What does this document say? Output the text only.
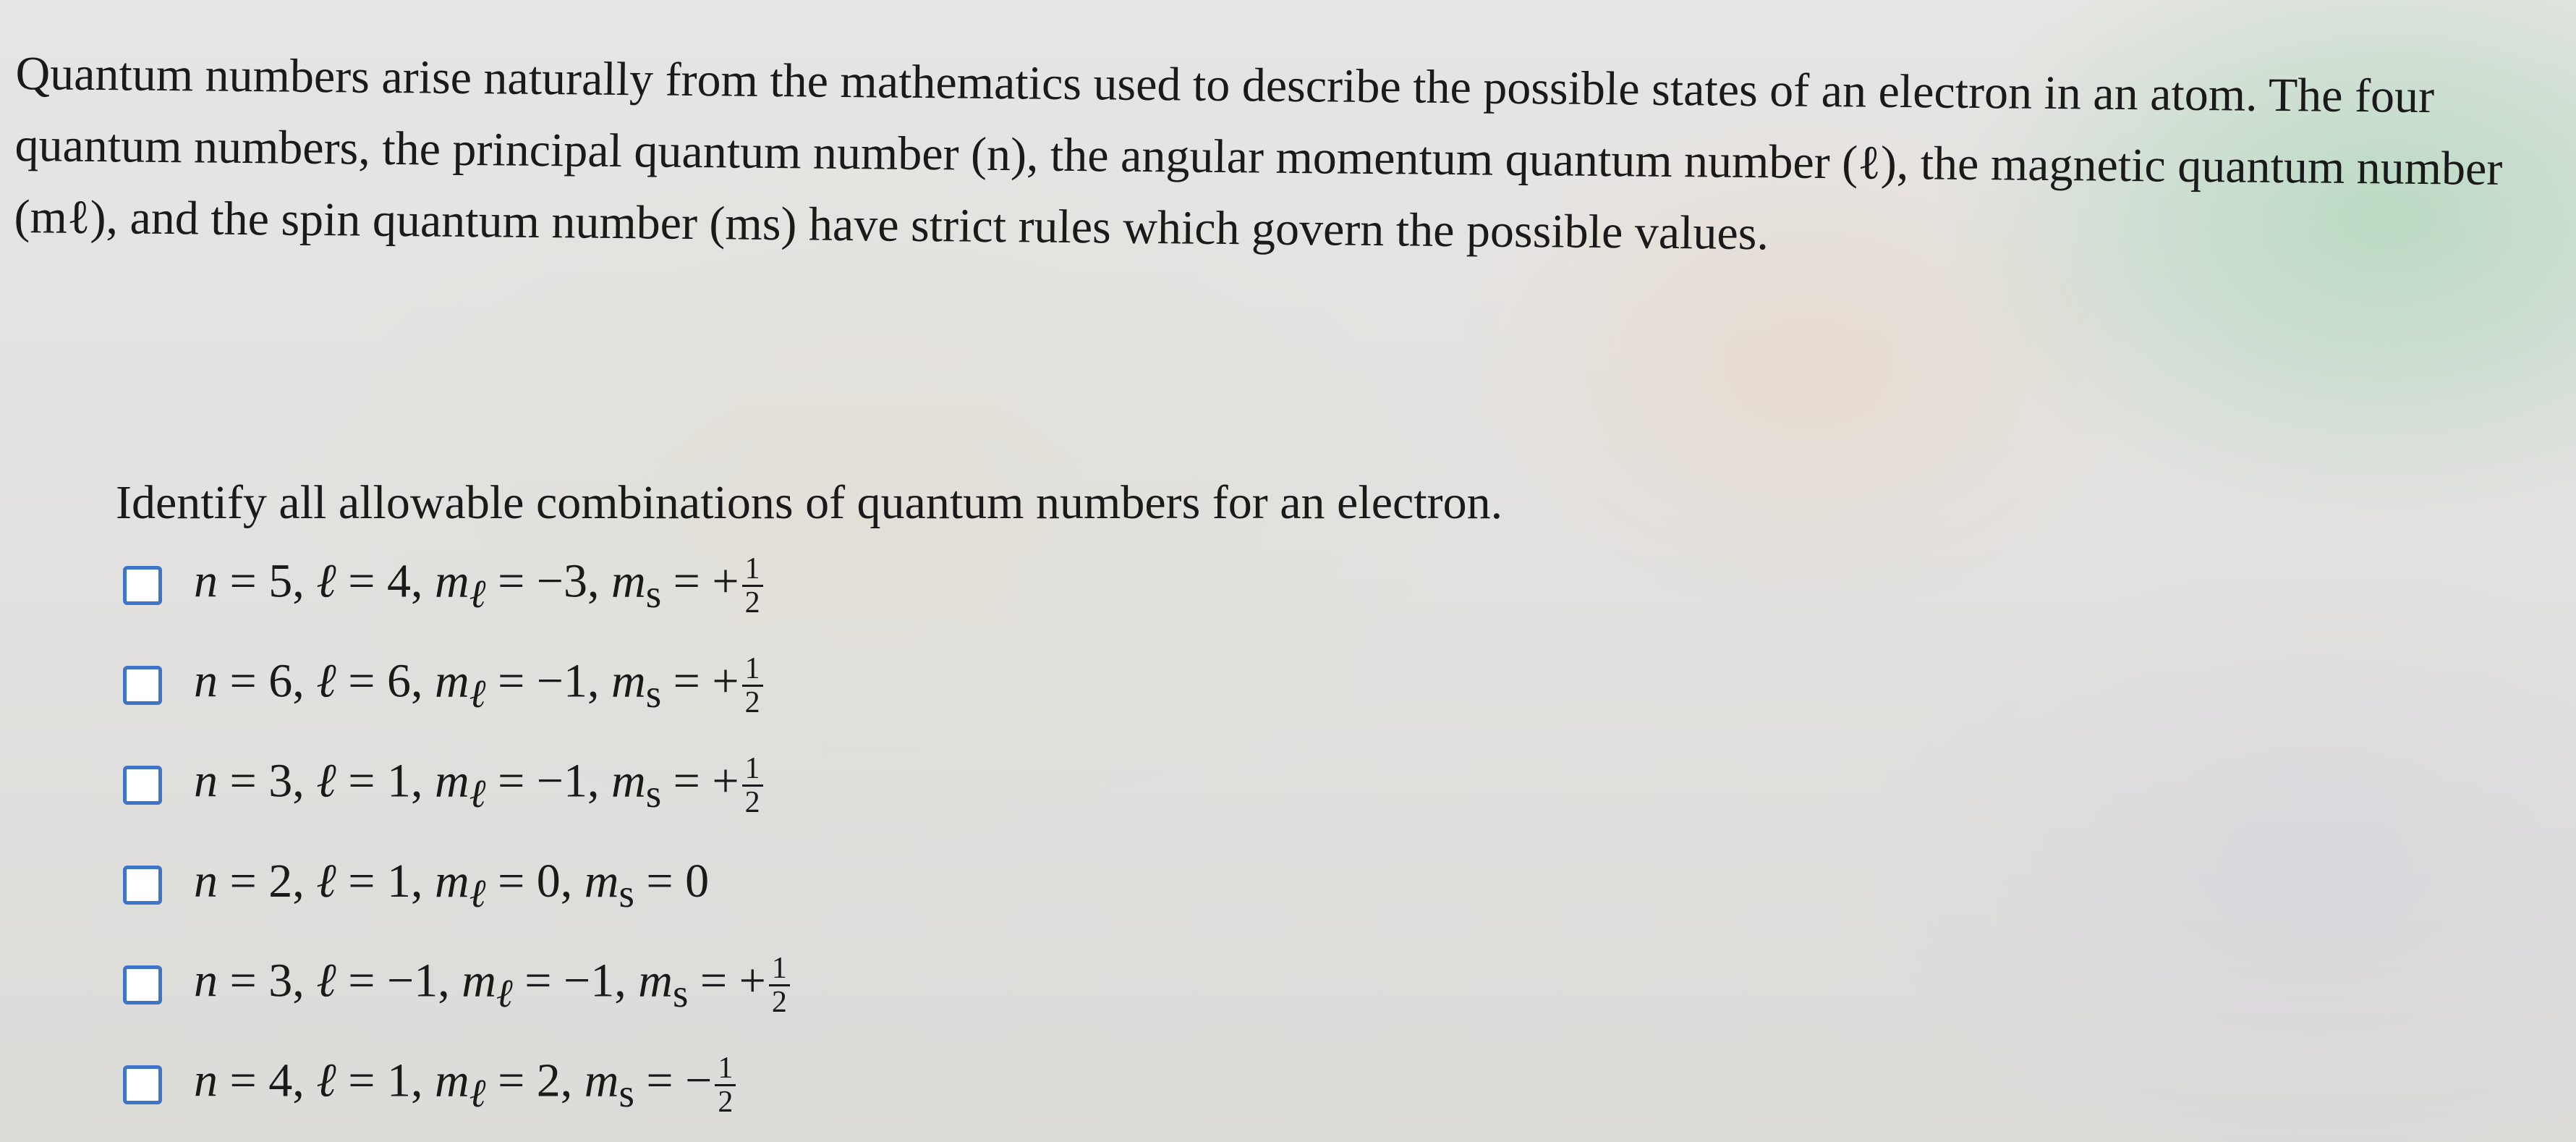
Quantum numbers arise naturally from the mathematics used to describe the possible states of an electron in an atom. The four quantum numbers, the principal quantum number (n), the angular momentum quantum number (ℓ), the magnetic quantum number (mℓ), and the spin quantum number (ms) have strict rules which govern the possible values.

Identify all allowable combinations of quantum numbers for an electron.
n = 5, ℓ = 4, $m_\ell = -3$, $m_s$ = + $\frac{1}{2}$
n = 6, ℓ = 6, $m_\ell = -1$, $m_s$ = + $\frac{1}{2}$
n = 3, ℓ = 1, $m_\ell = -1$, $m_s$ = + $\frac{1}{2}$
n = 2, ℓ = 1, $m_\ell = 0$, $m_s = 0$
n = 3, ℓ = −1, $m_\ell = -1$, $m_s$ = + $\frac{1}{2}$
n = 4, ℓ = 1, $m_\ell = 2$, $m_s$ = − $\frac{1}{2}$
